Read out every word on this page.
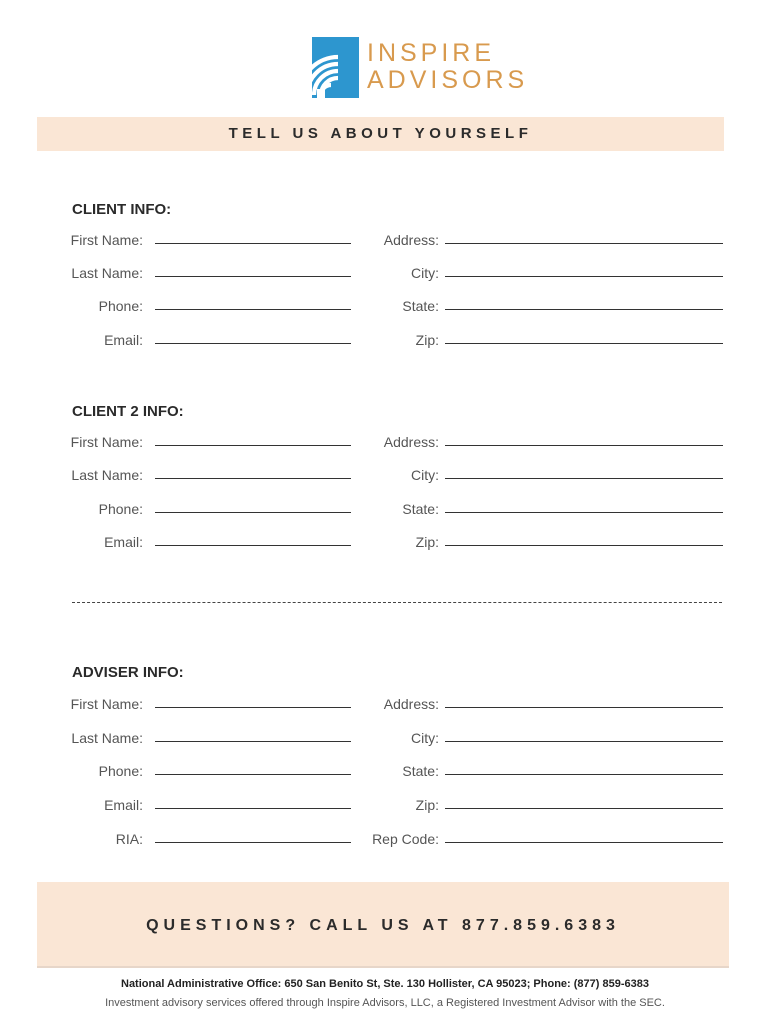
INSPIRE
ADVISORS
TELL US ABOUT YOURSELF
CLIENT INFO:
First Name:	Address:
Last Name:	City:
Phone:	State:
Email:	Zip:
CLIENT 2 INFO:
First Name:	Address:
Last Name:	City:
Phone:	State:
Email:	Zip:
ADVISER INFO:
First Name:	Address:
Last Name:	City:
Phone:	State:
Email:	Zip:
RIA:	Rep Code:
QUESTIONS? CALL US AT 877.859.6383
National Administrative Office: 650 San Benito St, Ste. 130 Hollister, CA 95023; Phone: (877) 859-6383
Investment advisory services offered through Inspire Advisors, LLC, a Registered Investment Advisor with the SEC.
